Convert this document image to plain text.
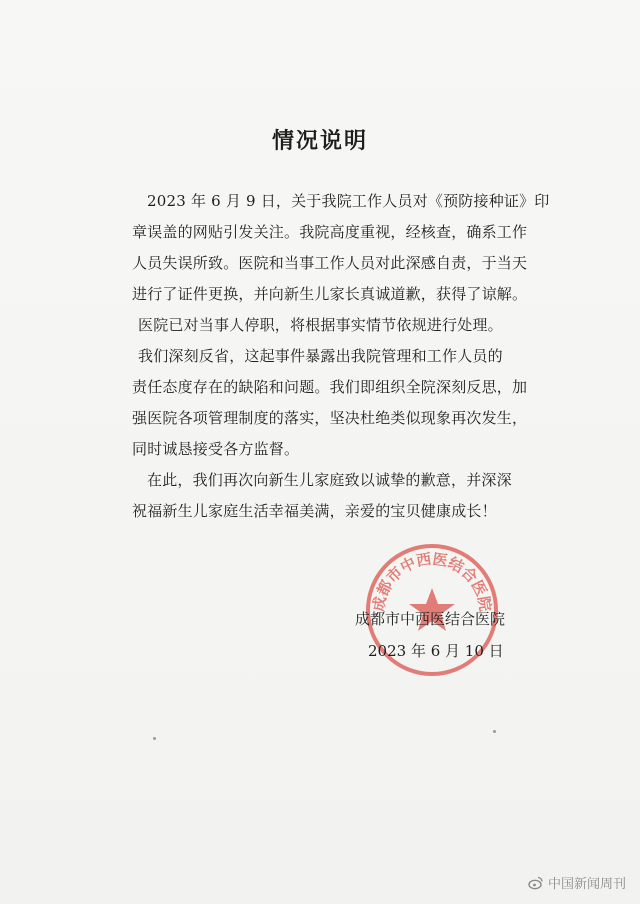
情况说明
2023 年 6 月 9 日，关于我院工作人员对《预防接种证》印
章误盖的网贴引发关注。我院高度重视，经核查，确系工作
人员失误所致。医院和当事工作人员对此深感自责，于当天
进行了证件更换，并向新生儿家长真诚道歉，获得了谅解。
医院已对当事人停职，将根据事实情节依规进行处理。
我们深刻反省，这起事件暴露出我院管理和工作人员的
责任态度存在的缺陷和问题。我们即组织全院深刻反思，加
强医院各项管理制度的落实，坚决杜绝类似现象再次发生，
同时诚恳接受各方监督。
在此，我们再次向新生儿家庭致以诚挚的歉意，并深深
祝福新生儿家庭生活幸福美满，亲爱的宝贝健康成长！
成都市中西医结合医院
成都市中西医结合医院
2023 年 6 月 10 日
中国新闻周刊
